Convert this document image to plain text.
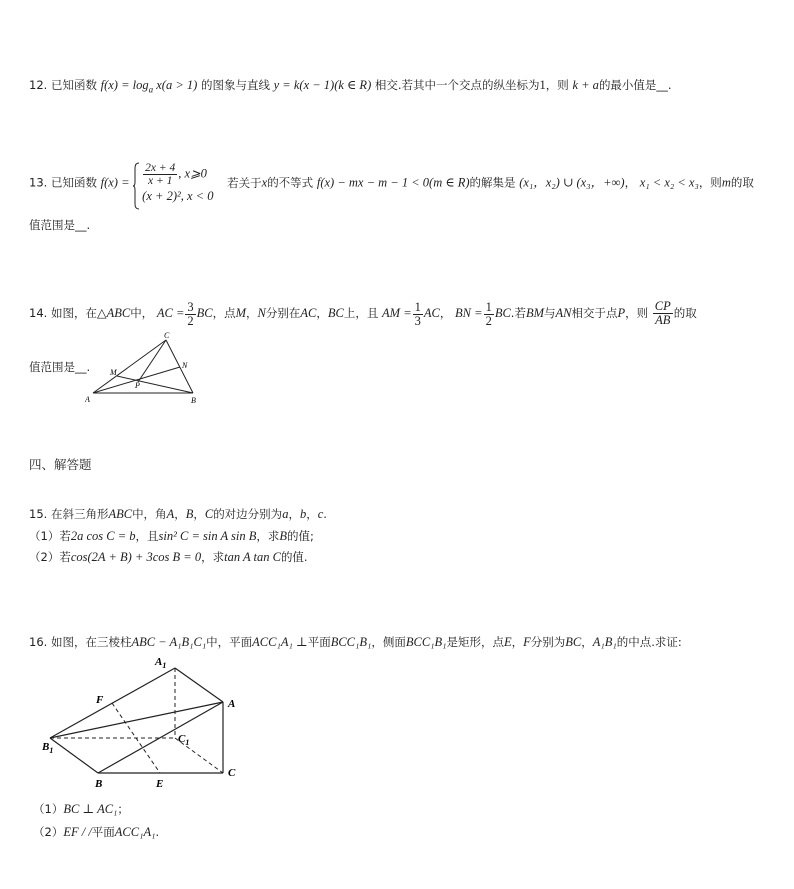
12. 已知函数 $f(x) = \log_a x(a > 1)$ 的图象与直线 y = k(x − 1)(k ∈ R) 相交.若其中一个交点的纵坐标为1，则 k + a的最小值是__.
13. 已知函数 $f(x) = \frac{2x + 4}{x + 1}$ , x⩾0
(x + 2)², x < 0
若关于x的不等式 f(x) − mx − m − 1 < 0(m ∈ R)的解集是 (x₁，x₂) ∪ (x₃，+∞)， x₁ < x₂ < x₃，则m的取
值范围是__.
14. 如图，在△ABC中， AC = $\frac{3}{2}$ BC，点M，N分别在AC，BC上，且 AM = $\frac{1}{3}$ AC， BN = $\frac{1}{2}$ BC.若BM与AN相交于点P，则 $\frac{CP}{AB}$ 的取
值范围是__.
A	B
C
M
N
P
四、解答题
15. 在斜三角形ABC中，角A，B，C的对边分别为a，b，c.
（1）若2a cos C = b，且sin² C = sin A sin B，求B的值;
（2）若cos(2A + B) + 3cos B = 0，求tan A tan C的值.
16. 如图，在三棱柱ABC − A₁B₁C₁中，平面ACC₁A₁ ⊥平面BCC₁B₁，侧面BCC₁B₁是矩形，点E，F分别为BC，A₁B₁的中点.求证:
$A_1$
A
F
$B_1$
$C_1$
B	E
C
（1）BC ⊥ AC₁；
（2）EF / /平面ACC₁A₁.
